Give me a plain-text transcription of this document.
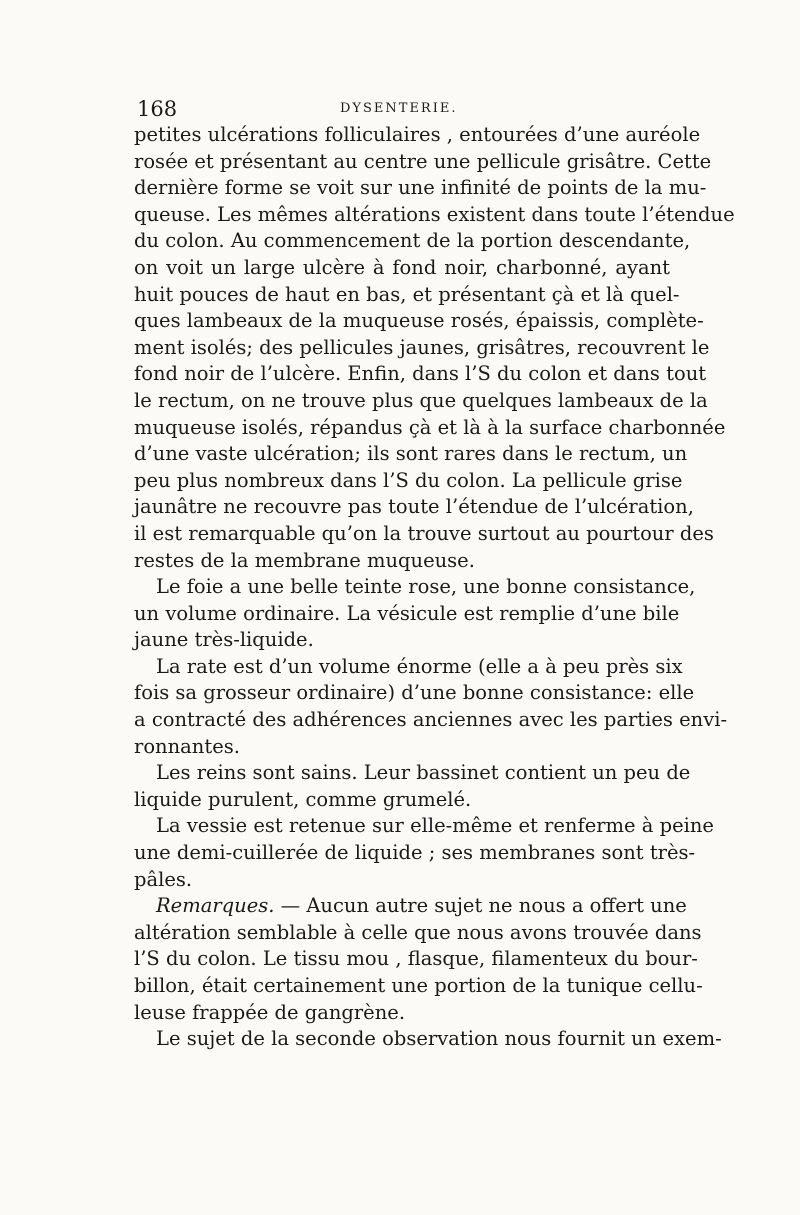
168	DYSENTERIE.
petites ulcérations folliculaires , entourées d’une auréole
rosée et présentant au centre une pellicule grisâtre. Cette
dernière forme se voit sur une infinité de points de la mu-
queuse. Les mêmes altérations existent dans toute l’étendue
du colon. Au commencement de la portion descendante,
on voit un large ulcère à fond noir, charbonné, ayant
huit pouces de haut en bas, et présentant çà et là quel-
ques lambeaux de la muqueuse rosés, épaissis, complète-
ment isolés; des pellicules jaunes, grisâtres, recouvrent le
fond noir de l’ulcère. Enfin, dans l’S du colon et dans tout
le rectum, on ne trouve plus que quelques lambeaux de la
muqueuse isolés, répandus çà et là à la surface charbonnée
d’une vaste ulcération; ils sont rares dans le rectum, un
peu plus nombreux dans l’S du colon. La pellicule grise
jaunâtre ne recouvre pas toute l’étendue de l’ulcération,
il est remarquable qu’on la trouve surtout au pourtour des
restes de la membrane muqueuse.
Le foie a une belle teinte rose, une bonne consistance,
un volume ordinaire. La vésicule est remplie d’une bile
jaune très-liquide.
La rate est d’un volume énorme (elle a à peu près six
fois sa grosseur ordinaire) d’une bonne consistance: elle
a contracté des adhérences anciennes avec les parties envi-
ronnantes.
Les reins sont sains. Leur bassinet contient un peu de
liquide purulent, comme grumelé.
La vessie est retenue sur elle-même et renferme à peine
une demi-cuillerée de liquide ; ses membranes sont très-
pâles.
Remarques. — Aucun autre sujet ne nous a offert une
altération semblable à celle que nous avons trouvée dans
l’S du colon. Le tissu mou , flasque, filamenteux du bour-
billon, était certainement une portion de la tunique cellu-
leuse frappée de gangrène.
Le sujet de la seconde observation nous fournit un exem-
